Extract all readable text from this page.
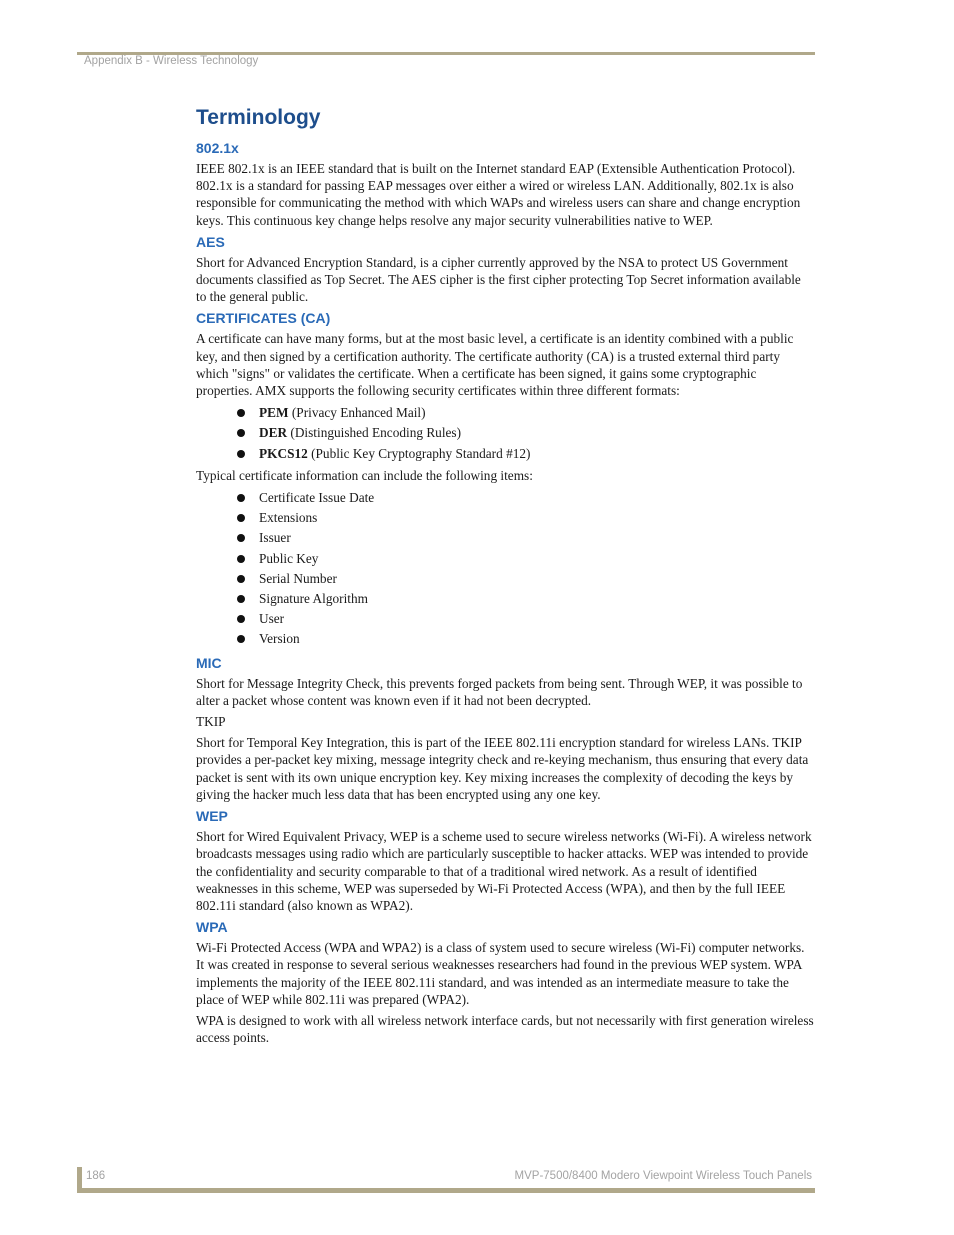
Appendix B - Wireless Technology
Terminology
802.1x

IEEE 802.1x is an IEEE standard that is built on the Internet standard EAP (Extensible Authentication Protocol). 802.1x is a standard for passing EAP messages over either a wired or wireless LAN. Additionally, 802.1x is also responsible for communicating the method with which WAPs and wireless users can share and change encryption keys. This continuous key change helps resolve any major security vulnerabilities native to WEP.

AES

Short for Advanced Encryption Standard, is a cipher currently approved by the NSA to protect US Government documents classified as Top Secret. The AES cipher is the first cipher protecting Top Secret information available to the general public.

CERTIFICATES (CA)

A certificate can have many forms, but at the most basic level, a certificate is an identity combined with a public key, and then signed by a certification authority. The certificate authority (CA) is a trusted external third party which "signs" or validates the certificate. When a certificate has been signed, it gains some cryptographic properties. AMX supports the following security certificates within three different formats:

PEM (Privacy Enhanced Mail)
DER (Distinguished Encoding Rules)
PKCS12 (Public Key Cryptography Standard #12)

Typical certificate information can include the following items:

Certificate Issue Date
Extensions
Issuer
Public Key
Serial Number
Signature Algorithm
User
Version
MIC

Short for Message Integrity Check, this prevents forged packets from being sent. Through WEP, it was possible to alter a packet whose content was known even if it had not been decrypted.

TKIP

Short for Temporal Key Integration, this is part of the IEEE 802.11i encryption standard for wireless LANs. TKIP provides a per-packet key mixing, message integrity check and re-keying mechanism, thus ensuring that every data packet is sent with its own unique encryption key. Key mixing increases the complexity of decoding the keys by giving the hacker much less data that has been encrypted using any one key.

WEP

Short for Wired Equivalent Privacy, WEP is a scheme used to secure wireless networks (Wi-Fi). A wireless network broadcasts messages using radio which are particularly susceptible to hacker attacks. WEP was intended to provide the confidentiality and security comparable to that of a traditional wired network. As a result of identified weaknesses in this scheme, WEP was superseded by Wi-Fi Protected Access (WPA), and then by the full IEEE 802.11i standard (also known as WPA2).

WPA

Wi-Fi Protected Access (WPA and WPA2) is a class of system used to secure wireless (Wi-Fi) computer networks. It was created in response to several serious weaknesses researchers had found in the previous WEP system. WPA implements the majority of the IEEE 802.11i standard, and was intended as an intermediate measure to take the place of WEP while 802.11i was prepared (WPA2).

WPA is designed to work with all wireless network interface cards, but not necessarily with first generation wireless access points.

186	MVP-7500/8400 Modero Viewpoint Wireless Touch Panels
